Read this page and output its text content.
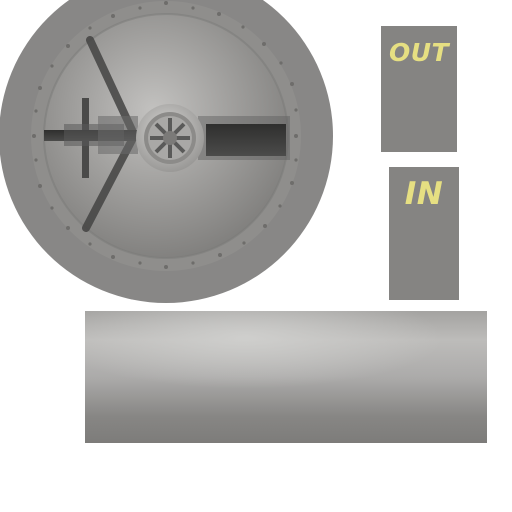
OUT
IN
